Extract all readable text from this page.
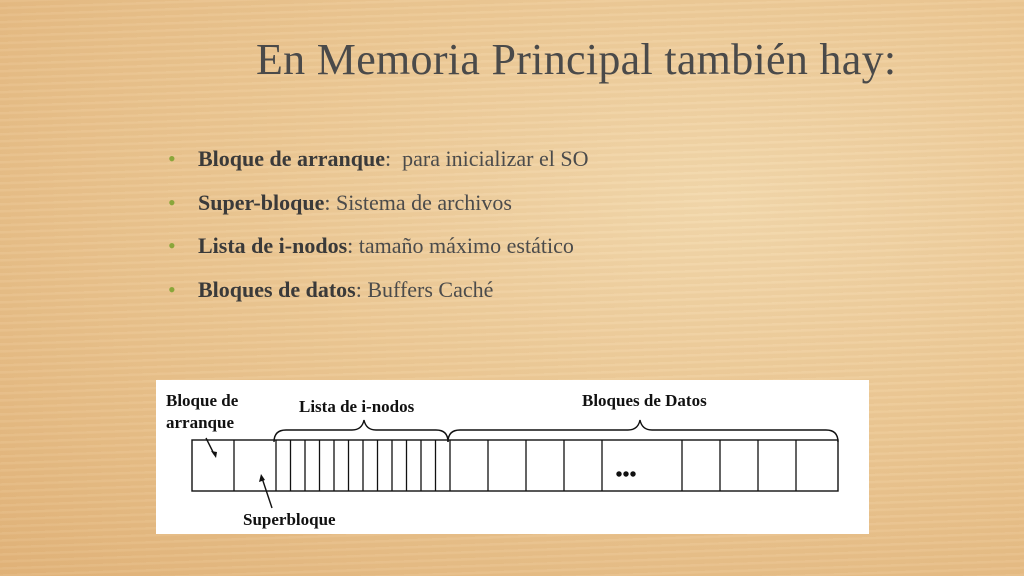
En Memoria Principal también hay:
• Bloque de arranque:  para inicializar el SO
• Super-bloque: Sistema de archivos
• Lista de i-nodos: tamaño máximo estático
• Bloques de datos: Buffers Caché
Bloque de
arranque
Lista de i-nodos	Bloques de Datos
Superbloque
•••
